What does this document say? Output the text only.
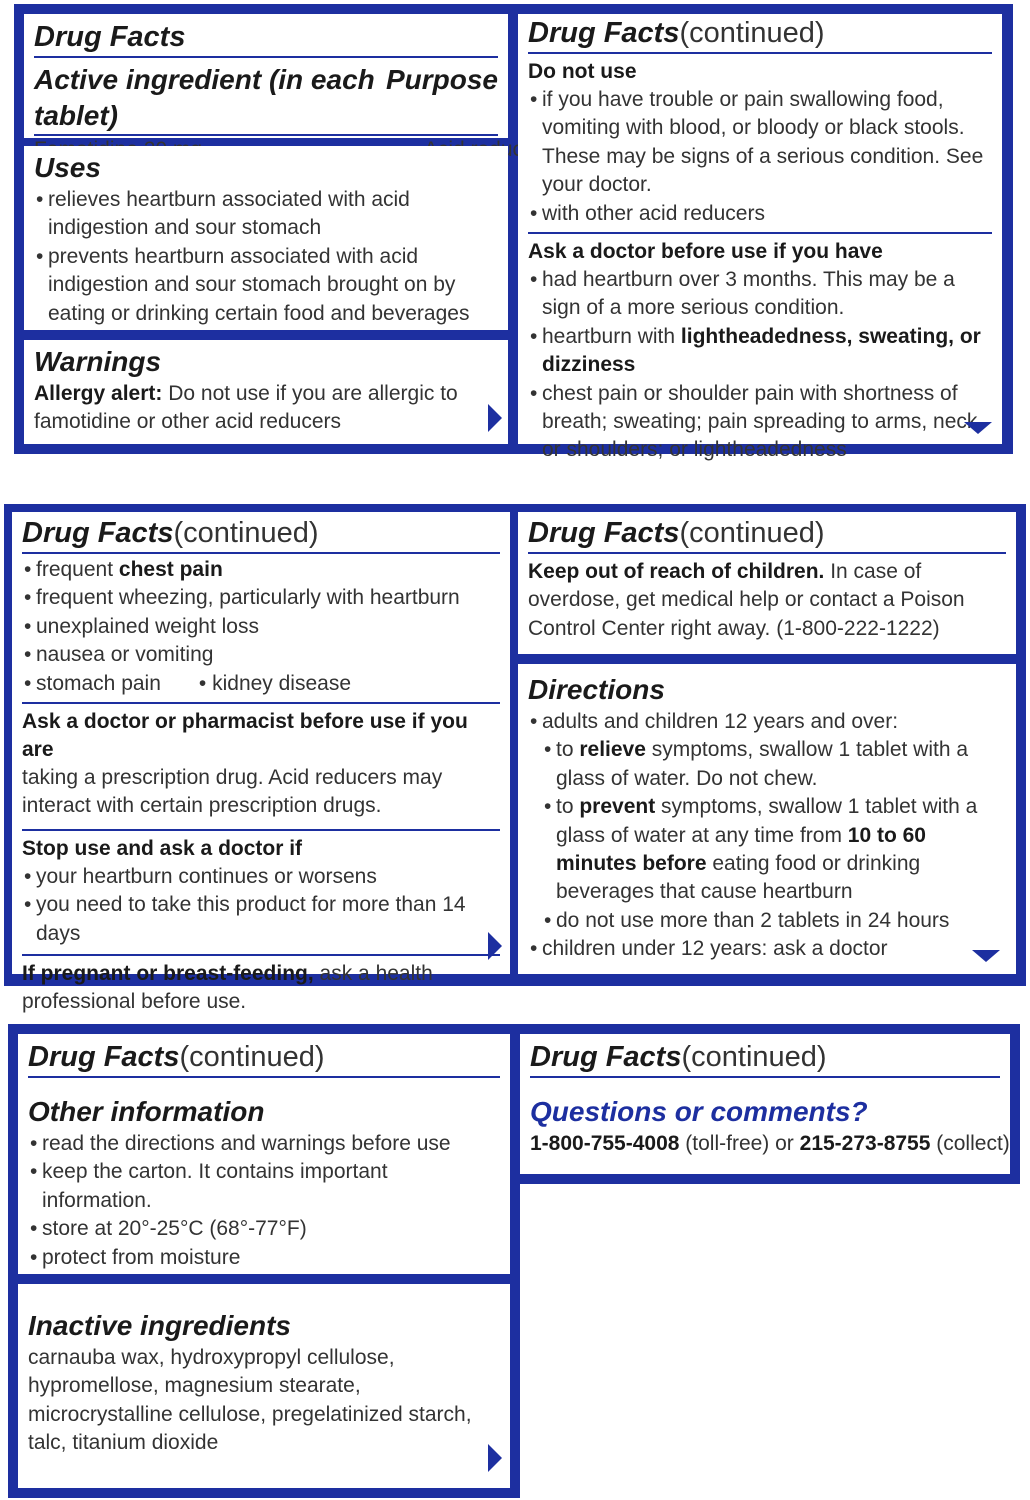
Drug Facts
Active ingredient (in each tablet)
Purpose
Uses
• relieves heartburn associated with acid indigestion and sour stomach
• prevents heartburn associated with acid indigestion and sour stomach brought on by eating or drinking certain food and beverages
Warnings
Allergy alert: Do not use if you are allergic to famotidine or other acid reducers
Drug Facts(continued)
Do not use
• if you have trouble or pain swallowing food, vomiting with blood, or bloody or black stools. These may be signs of a serious condition. See your doctor.
• with other acid reducers
Ask a doctor before use if you have
• had heartburn over 3 months. This may be a sign of a more serious condition.
• heartburn with lightheadedness, sweating, or dizziness
• chest pain or shoulder pain with shortness of breath; sweating; pain spreading to arms, neck or shoulders; or lightheadedness
Drug Facts(continued)
• frequent chest pain
• frequent wheezing, particularly with heartburn
• unexplained weight loss
• nausea or vomiting
• stomach pain • kidney disease
Ask a doctor or pharmacist before use if you are
taking a prescription drug. Acid reducers may interact with certain prescription drugs.
Stop use and ask a doctor if
• your heartburn continues or worsens
• you need to take this product for more than 14 days
If pregnant or breast-feeding, ask a health professional before use.
Drug Facts(continued)
Keep out of reach of children. In case of overdose, get medical help or contact a Poison Control Center right away. (1-800-222-1222)
Directions
• adults and children 12 years and over:
• to relieve symptoms, swallow 1 tablet with a glass of water. Do not chew.
• to prevent symptoms, swallow 1 tablet with a glass of water at any time from 10 to 60 minutes before eating food or drinking beverages that cause heartburn
• do not use more than 2 tablets in 24 hours
• children under 12 years: ask a doctor
Drug Facts(continued)
Other information
• read the directions and warnings before use
• keep the carton. It contains important information.
• store at 20°-25°C (68°-77°F)
• protect from moisture
Inactive ingredients
carnauba wax, hydroxypropyl cellulose, hypromellose, magnesium stearate, microcrystalline cellulose, pregelatinized starch, talc, titanium dioxide
Drug Facts(continued)
Questions or comments?
1-800-755-4008 (toll-free) or 215-273-8755 (collect)
